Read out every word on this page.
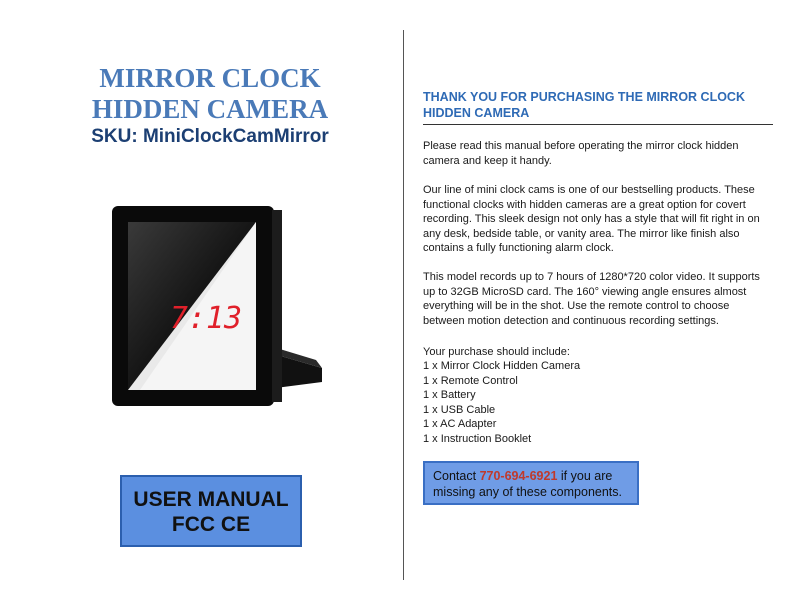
MIRROR CLOCK
HIDDEN CAMERA
SKU: MiniClockCamMirror
7:13
USER MANUAL
FCC CE
THANK YOU FOR PURCHASING THE MIRROR CLOCK HIDDEN CAMERA

Please read this manual before operating the mirror clock hidden camera and keep it handy.

Our line of mini clock cams is one of our bestselling products. These functional clocks with hidden cameras are a great option for covert recording. This sleek design not only has a style that will fit right in on any desk, bedside table, or vanity area. The mirror like finish also contains a fully functioning alarm clock.

This model records up to 7 hours of 1280*720 color video. It supports up to 32GB MicroSD card. The 160° viewing angle ensures almost everything will be in the shot. Use the remote control to choose between motion detection and continuous recording settings.

Your purchase should include:
1 x Mirror Clock Hidden Camera
1 x Remote Control
1 x Battery
1 x USB Cable
1 x AC Adapter
1 x Instruction Booklet
Contact 770-694-6921 if you are missing any of these components.
